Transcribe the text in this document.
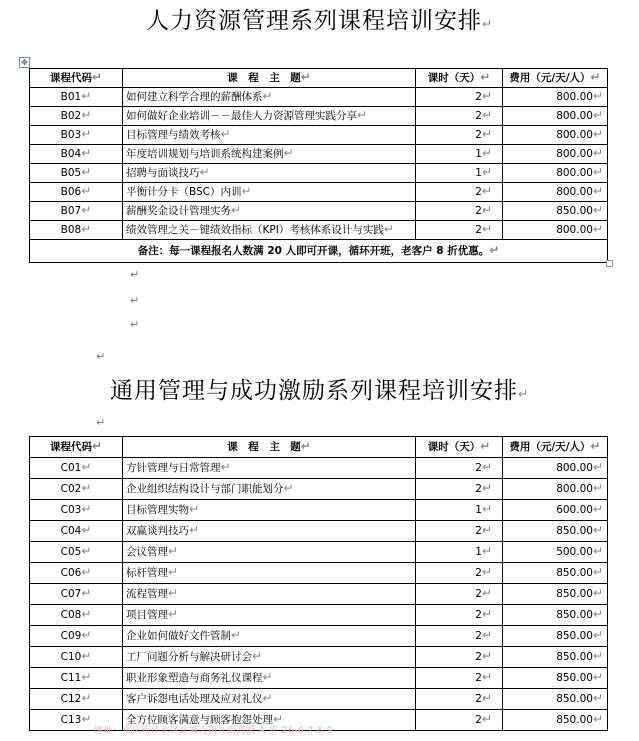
人力资源管理系列课程培训安排↵
✥
课程代码↵	课　程　主　题↵	课时（天）↵	费用（元/天/人）↵
B01↵	如何建立科学合理的薪酬体系↵	2↵	800.00↵
B02↵	如何做好企业培训－－最佳人力资源管理实践分享↵	2↵	800.00↵
B03↵	目标管理与绩效考核↵	2↵	800.00↵
B04↵	年度培训规划与培训系统构建案例↵	1↵	800.00↵
B05↵	招聘与面谈技巧↵	1↵	800.00↵
B06↵	平衡计分卡（BSC）内训↵	2↵	800.00↵
B07↵	薪酬奖金设计管理实务↵	2↵	850.00↵
B08↵	绩效管理之关－键绩效指标（KPI）考核体系设计与实践↵	2↵	800.00↵
备注：每一课程报名人数满 20 人即可开课，循环开班，老客户 8 折优惠。↵			
↵
↵
↵
↵
通用管理与成功激励系列课程培训安排↵
↵
课程代码↵	课　程　主　题↵	课时（天）↵	费用（元/天/人）↵
C01↵	方针管理与日常管理↵	2↵	800.00↵
C02↵	企业组织结构设计与部门职能划分↵	2↵	800.00↵
C03↵	目标管理实物↵	1↵	600.00↵
C04↵	双赢谈判技巧↵	2↵	850.00↵
C05↵	会议管理↵	1↵	500.00↵
C06↵	标杆管理↵	2↵	850.00↵
C07↵	流程管理↵	2↵	850.00↵
C08↵	项目管理↵	2↵	850.00↵
C09↵	企业如何做好文件管制↵	2↵	850.00↵
C10↵	工厂问题分析与解决研讨会↵	2↵	850.00↵
C11↵	职业形象塑造与商务礼仪课程↵	2↵	850.00↵
C12↵	客户诉怨电话处理及应对礼仪↵	2↵	850.00↵
C13↵	全方位顾客满意与顾客抱怨处理↵	2↵	850.00↵
地址：重庆市江北区北城天街九街高派 A 座 26-6.7.8.9
